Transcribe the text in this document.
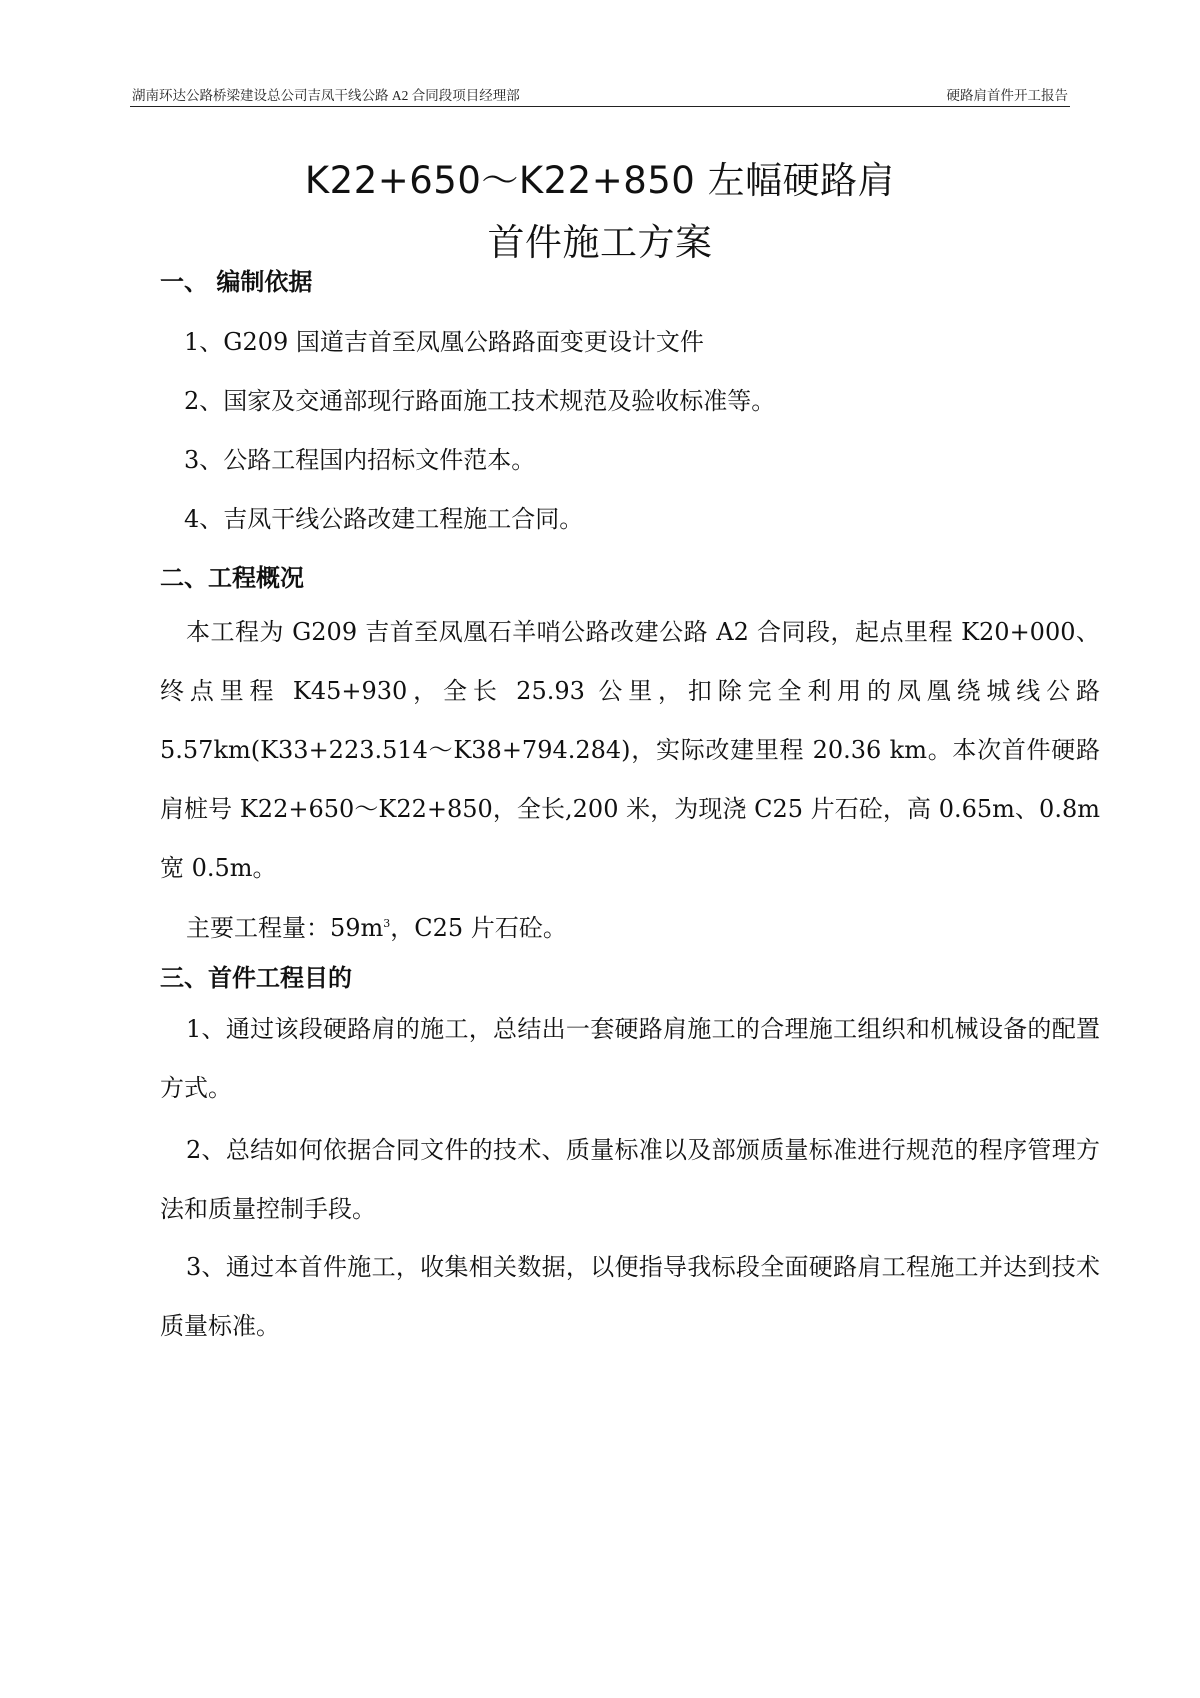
湖南环达公路桥梁建设总公司吉凤干线公路 A2 合同段项目经理部	硬路肩首件开工报告
K22+650～K22+850 左幅硬路肩
首件施工方案
一、 编制依据
1、G209 国道吉首至凤凰公路路面变更设计文件
2、国家及交通部现行路面施工技术规范及验收标准等。
3、公路工程国内招标文件范本。
4、吉凤干线公路改建工程施工合同。
二、工程概况
本工程为 G209 吉首至凤凰石羊哨公路改建公路 A2 合同段，起点里程 K20+000、终点里程 K45+930，全长 25.93 公里，扣除完全利用的凤凰绕城线公路 5.57km(K33+223.514～K38+794.284)，实际改建里程 20.36 km。本次首件硬路肩桩号 K22+650～K22+850，全长,200 米，为现浇 C25 片石砼，高 0.65m、0.8m 宽 0.5m。
主要工程量：$59m^3$，C25 片石砼。
三、首件工程目的
1、通过该段硬路肩的施工，总结出一套硬路肩施工的合理施工组织和机械设备的配置方式。
2、总结如何依据合同文件的技术、质量标准以及部颁质量标准进行规范的程序管理方法和质量控制手段。
3、通过本首件施工，收集相关数据，以便指导我标段全面硬路肩工程施工并达到技术质量标准。
